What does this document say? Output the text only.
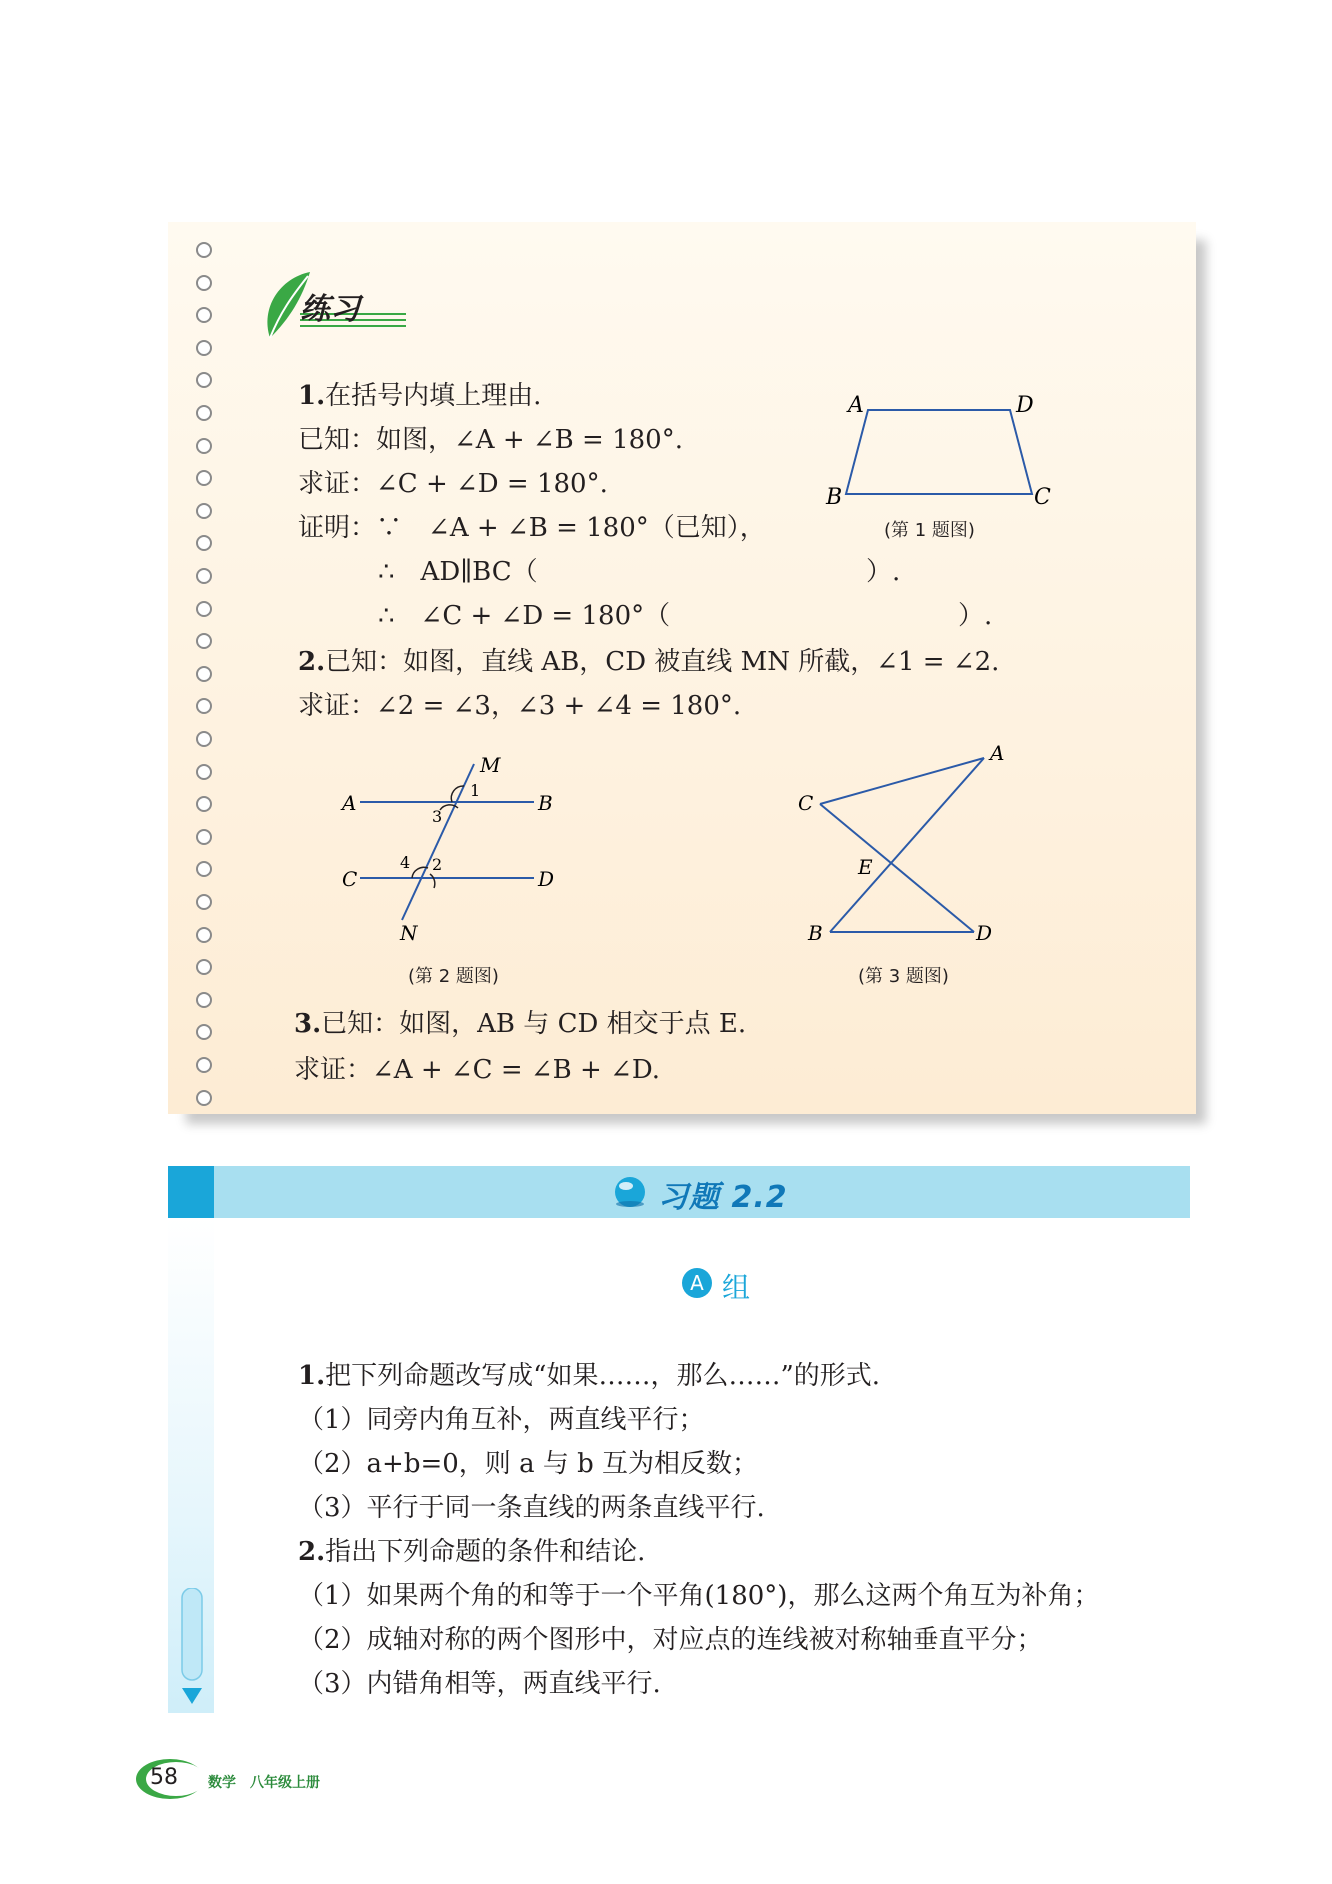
练习
1.在括号内填上理由.
已知：如图，∠A + ∠B = 180°.
求证：∠C + ∠D = 180°.
证明：∵　 ∠A + ∠B = 180°（已知），
∴　AD∥BC（	）.
∴　∠C + ∠D = 180°（	）.
A	D
B	C
(第 1 题图)
2.已知：如图，直线 AB，CD 被直线 MN 所截，∠1 = ∠2.
求证：∠2 = ∠3，∠3 + ∠4 = 180°.
M
N
A	B
C	D
1
3
4 2
(第 2 题图)
A
C
E
B	D
(第 3 题图)
3.已知：如图，AB 与 CD 相交于点 E.
求证：∠A + ∠C = ∠B + ∠D.
习题 2.2
A 组
1.把下列命题改写成“如果……，那么……”的形式.
（1）同旁内角互补，两直线平行；
（2）a+b=0，则 a 与 b 互为相反数；
（3）平行于同一条直线的两条直线平行.
2.指出下列命题的条件和结论.
（1）如果两个角的和等于一个平角(180°)，那么这两个角互为补角；
（2）成轴对称的两个图形中，对应点的连线被对称轴垂直平分；
（3）内错角相等，两直线平行.
58 数学　八年级上册
